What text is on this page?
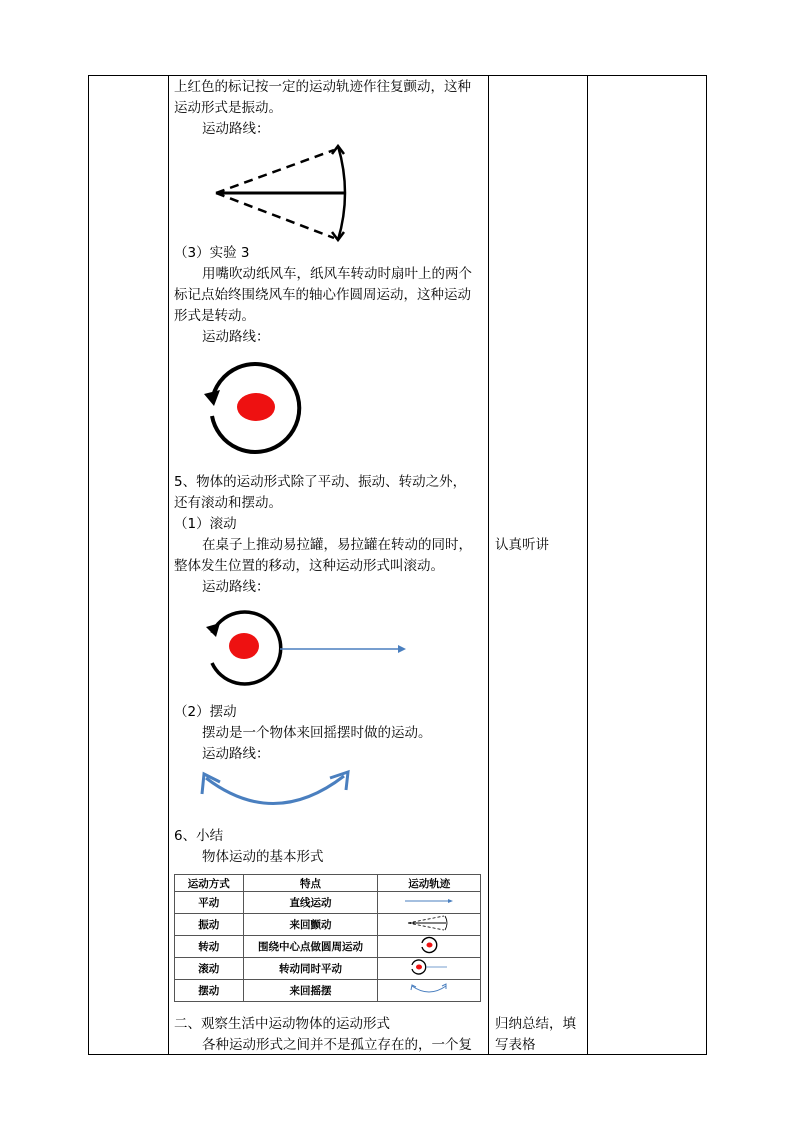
上红色的标记按一定的运动轨迹作往复颤动，这种
运动形式是振动。
运动路线：
（3）实验 3
用嘴吹动纸风车，纸风车转动时扇叶上的两个
标记点始终围绕风车的轴心作圆周运动，这种运动
形式是转动。
运动路线：
5、物体的运动形式除了平动、振动、转动之外，
还有滚动和摆动。
（1）滚动
在桌子上推动易拉罐，易拉罐在转动的同时，
整体发生位置的移动，这种运动形式叫滚动。
运动路线：
（2）摆动
摆动是一个物体来回摇摆时做的运动。
运动路线：
6、小结
物体运动的基本形式
运动方式	特点	运动轨迹
平动	直线运动	
振动	来回颤动	
转动	围绕中心点做圆周运动	
滚动	转动同时平动	
摆动	来回摇摆	
二、观察生活中运动物体的运动形式
各种运动形式之间并不是孤立存在的，一个复
认真听讲
归纳总结，填
写表格
